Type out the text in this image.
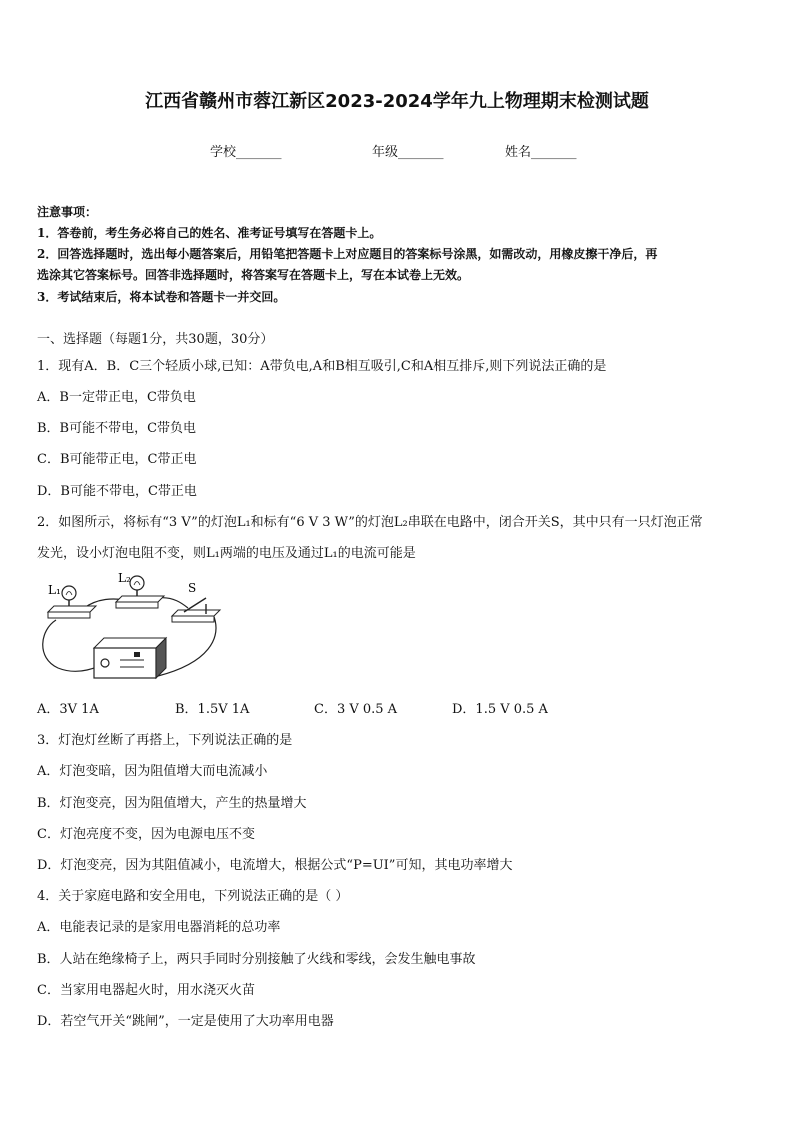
江西省赣州市蓉江新区2023-2024学年九上物理期末检测试题
学校_______	年级_______	姓名_______
注意事项：
1．答卷前，考生务必将自己的姓名、准考证号填写在答题卡上。
2．回答选择题时，选出每小题答案后，用铅笔把答题卡上对应题目的答案标号涂黑，如需改动，用橡皮擦干净后，再
选涂其它答案标号。回答非选择题时，将答案写在答题卡上，写在本试卷上无效。
3．考试结束后，将本试卷和答题卡一并交回。
一、选择题（每题1分，共30题，30分）
1．现有A．B．C三个轻质小球,已知：A带负电,A和B相互吸引,C和A相互排斥,则下列说法正确的是
A．B一定带正电，C带负电
B．B可能不带电，C带负电
C．B可能带正电，C带正电
D．B可能不带电，C带正电
2．如图所示，将标有“3 V”的灯泡L₁和标有“6 V 3 W”的灯泡L₂串联在电路中，闭合开关S，其中只有一只灯泡正常
发光，设小灯泡电阻不变，则L₁两端的电压及通过L₁的电流可能是
L₁
L₂
S
A．3V 1A	B．1.5V 1A	C．3 V 0.5 A	D．1.5 V 0.5 A
3．灯泡灯丝断了再搭上，下列说法正确的是
A．灯泡变暗，因为阻值增大而电流减小
B．灯泡变亮，因为阻值增大，产生的热量增大
C．灯泡亮度不变，因为电源电压不变
D．灯泡变亮，因为其阻值减小，电流增大，根据公式“P=UI”可知，其电功率增大
4．关于家庭电路和安全用电，下列说法正确的是（ ）
A．电能表记录的是家用电器消耗的总功率
B．人站在绝缘椅子上，两只手同时分别接触了火线和零线，会发生触电事故
C．当家用电器起火时，用水浇灭火苗
D．若空气开关“跳闸”，一定是使用了大功率用电器
